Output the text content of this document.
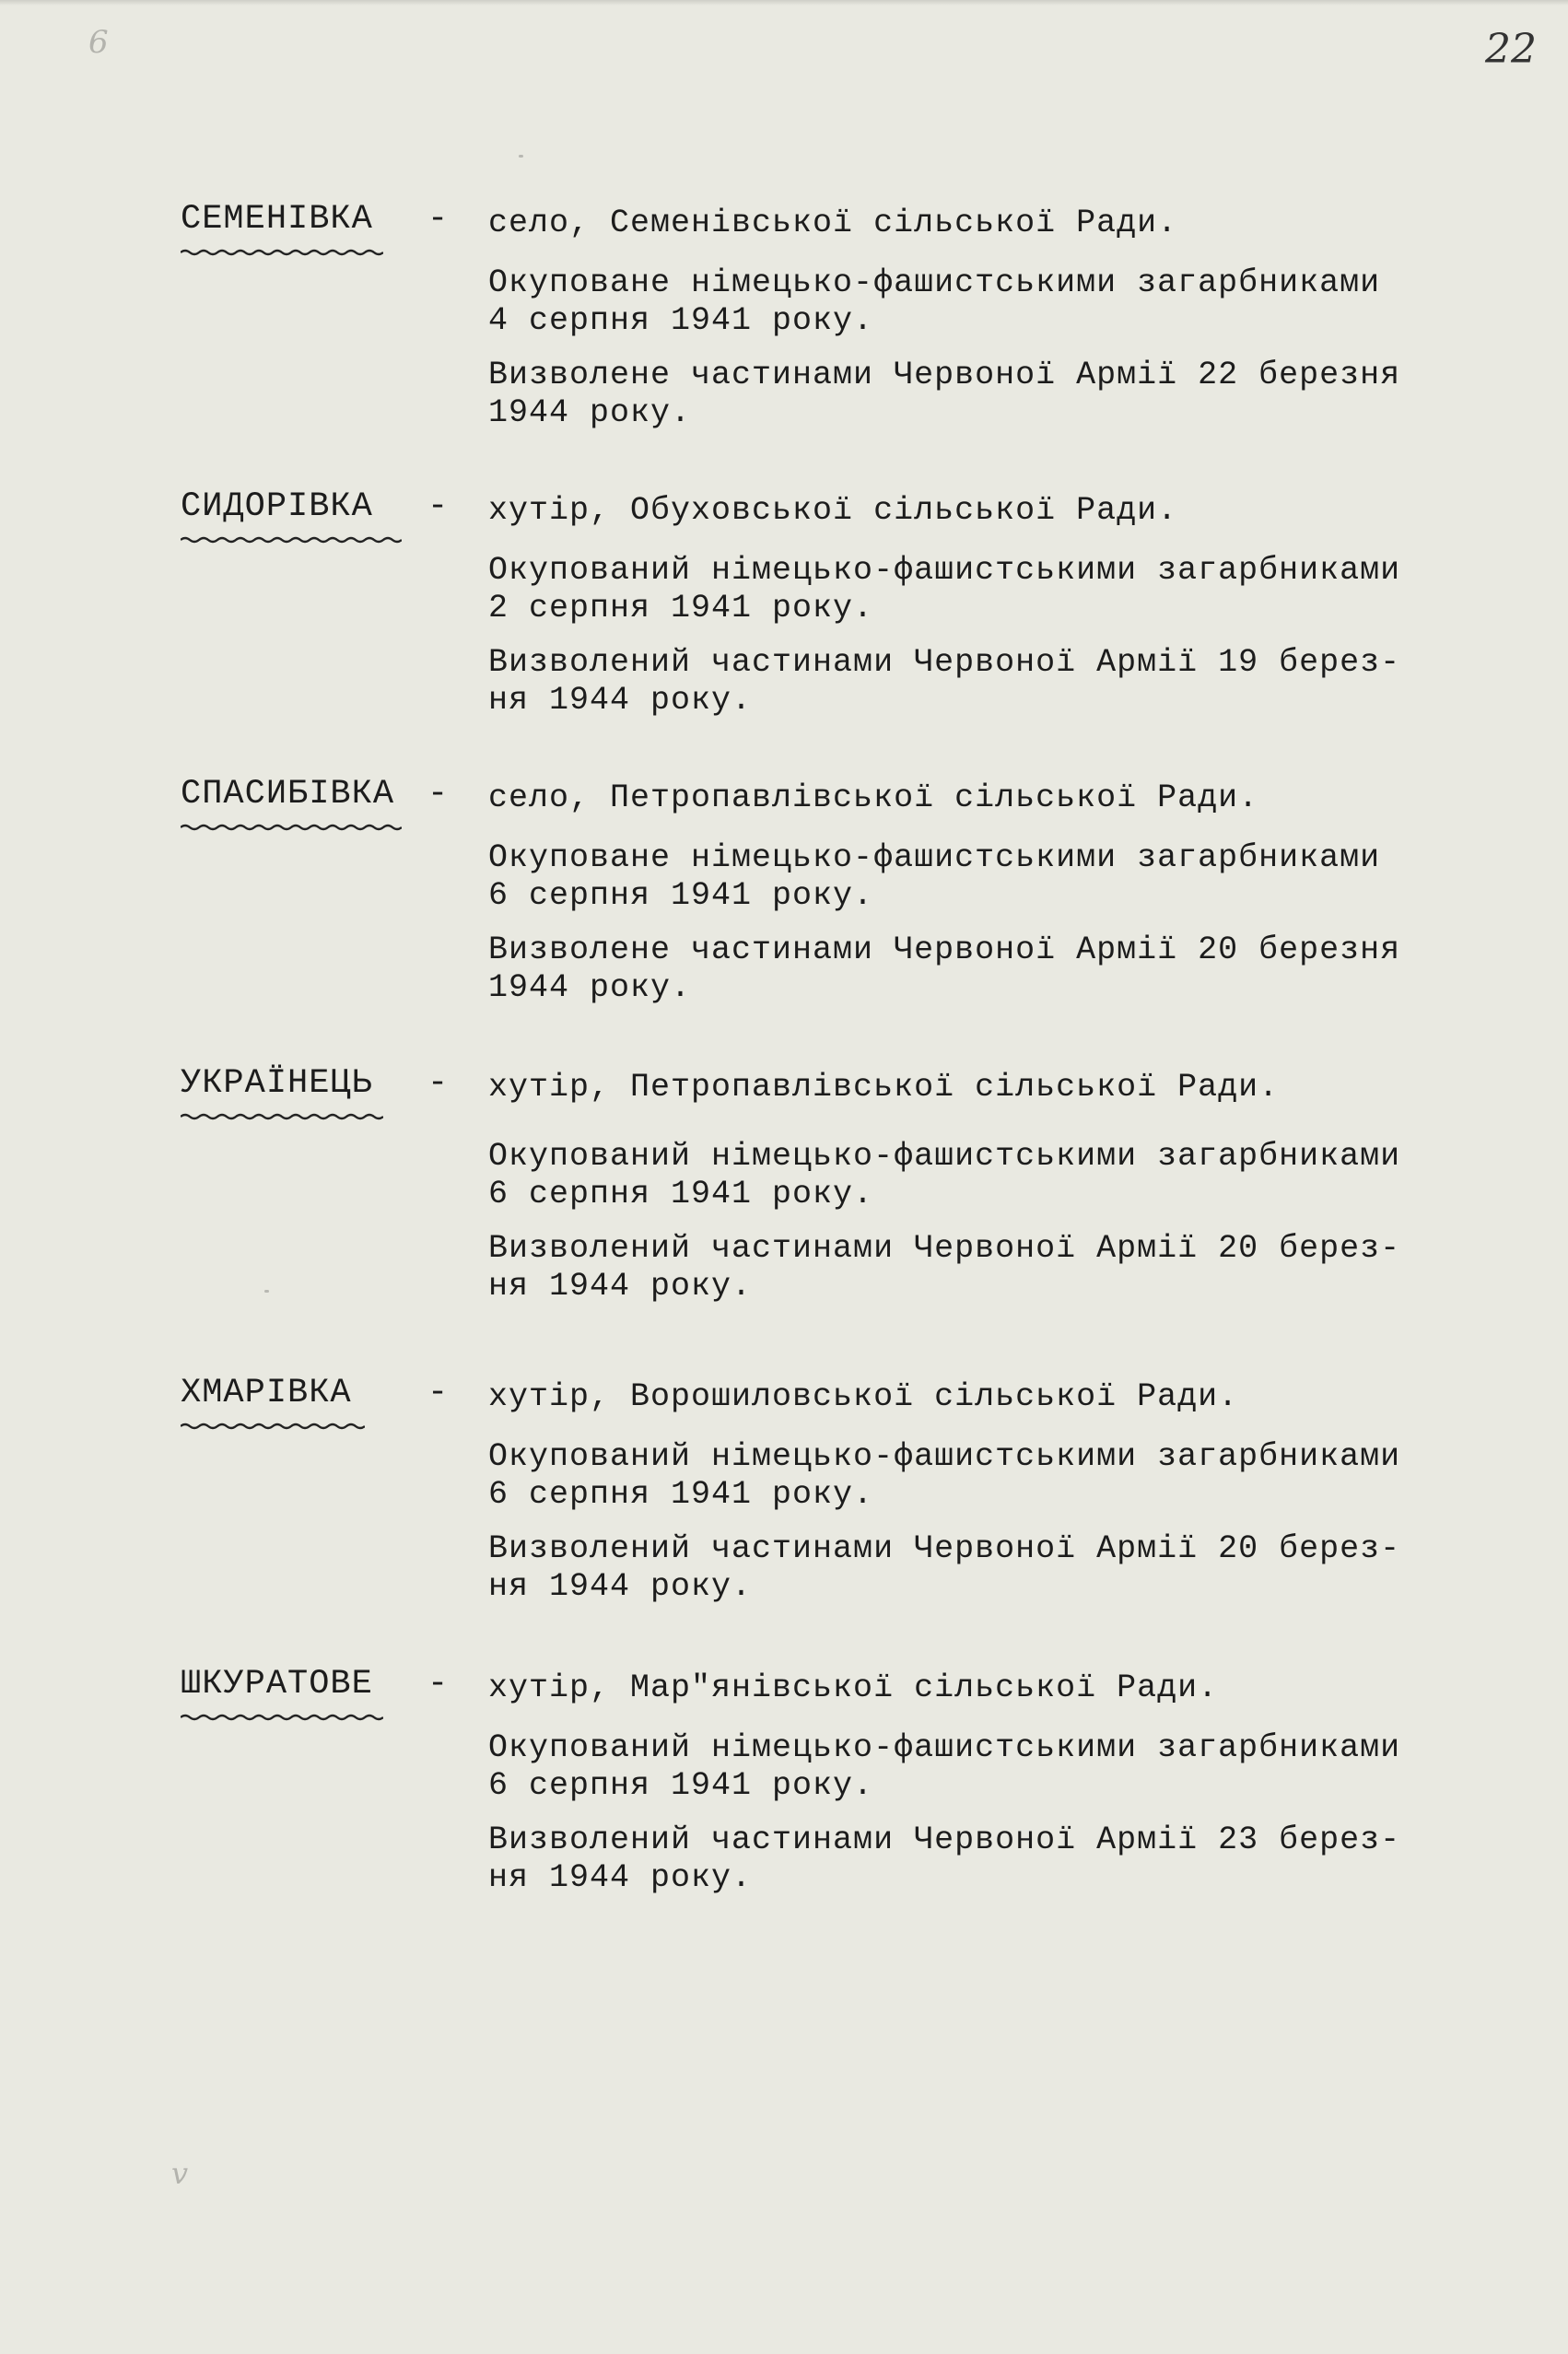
6	22
v
СЕМЕНІВКА - село, Семенівської сільської Ради.

Окуповане німецько-фашистськими загарбниками
4 серпня 1941 року.

Визволене частинами Червоної Армії 22 березня
1944 року.

СИДОРІВКА - хутір, Обуховської сільської Ради.

Окупований німецько-фашистськими загарбниками
2 серпня 1941 року.

Визволений частинами Червоної Армії 19 берез-
ня 1944 року.

СПАСИБІВКА - село, Петропавлівської сільської Ради.

Окуповане німецько-фашистськими загарбниками
6 серпня 1941 року.

Визволене частинами Червоної Армії 20 березня
1944 року.

УКРАЇНЕЦЬ - хутір, Петропавлівської сільської Ради.

Окупований німецько-фашистськими загарбниками
6 серпня 1941 року.

Визволений частинами Червоної Армії 20 берез-
ня 1944 року.

ХМАРІВКА - хутір, Ворошиловської сільської Ради.

Окупований німецько-фашистськими загарбниками
6 серпня 1941 року.

Визволений частинами Червоної Армії 20 берез-
ня 1944 року.

ШКУРАТОВЕ - хутір, Мар"янівської сільської Ради.

Окупований німецько-фашистськими загарбниками
6 серпня 1941 року.

Визволений частинами Червоної Армії 23 берез-
ня 1944 року.
